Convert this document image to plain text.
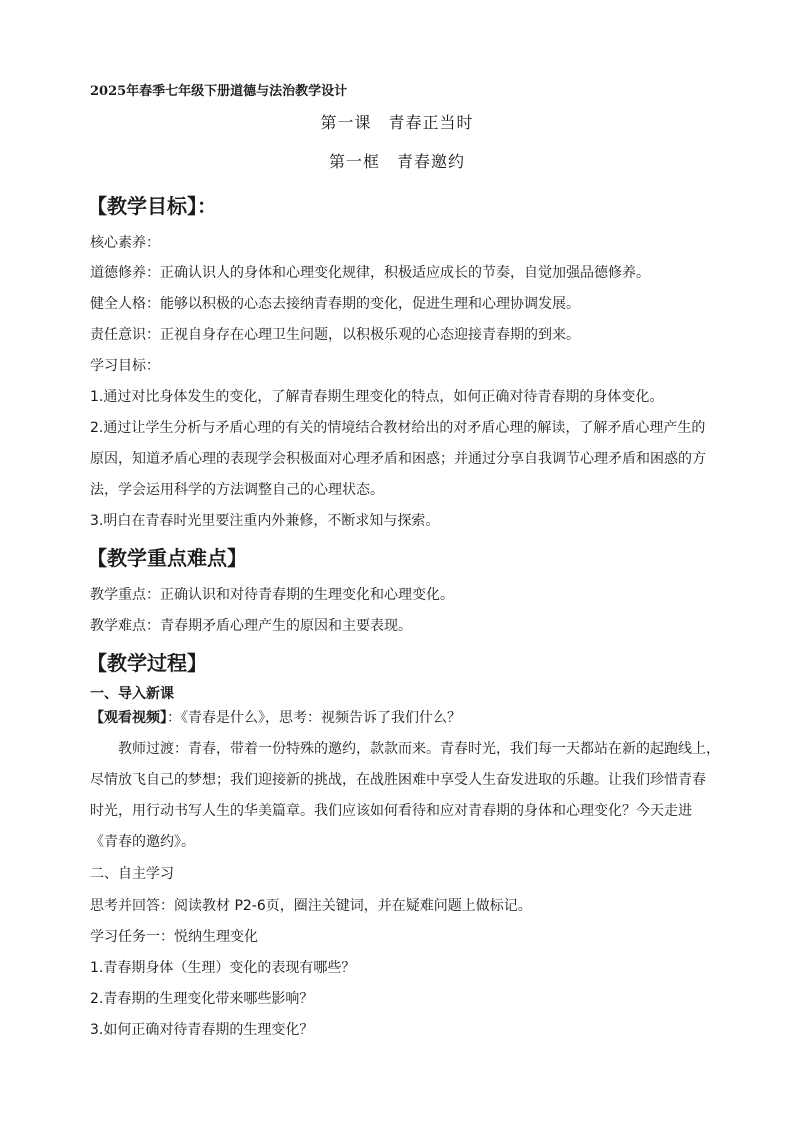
2025年春季七年级下册道德与法治教学设计
第一课　青春正当时
第一框　青春邀约
【教学目标】：
核心素养：
道德修养：正确认识人的身体和心理变化规律，积极适应成长的节奏，自觉加强品德修养。
健全人格：能够以积极的心态去接纳青春期的变化，促进生理和心理协调发展。
责任意识：正视自身存在心理卫生问题，以积极乐观的心态迎接青春期的到来。
学习目标：
1.通过对比身体发生的变化，了解青春期生理变化的特点，如何正确对待青春期的身体变化。
2.通过让学生分析与矛盾心理的有关的情境结合教材给出的对矛盾心理的解读，了解矛盾心理产生的
原因，知道矛盾心理的表现学会积极面对心理矛盾和困惑；并通过分享自我调节心理矛盾和困惑的方
法，学会运用科学的方法调整自己的心理状态。
3.明白在青春时光里要注重内外兼修，不断求知与探索。
【教学重点难点】
教学重点：正确认识和对待青春期的生理变化和心理变化。
教学难点：青春期矛盾心理产生的原因和主要表现。
【教学过程】
一、导入新课
【观看视频】：《青春是什么》，思考：视频告诉了我们什么？
教师过渡：青春，带着一份特殊的邀约，款款而来。青春时光，我们每一天都站在新的起跑线上，
尽情放飞自己的梦想；我们迎接新的挑战，在战胜困难中享受人生奋发进取的乐趣。让我们珍惜青春
时光，用行动书写人生的华美篇章。我们应该如何看待和应对青春期的身体和心理变化？今天走进
《青春的邀约》。
二、自主学习
思考并回答：阅读教材 P2-6页，圈注关键词，并在疑难问题上做标记。
学习任务一：悦纳生理变化
1.青春期身体（生理）变化的表现有哪些？
2.青春期的生理变化带来哪些影响？
3.如何正确对待青春期的生理变化？
